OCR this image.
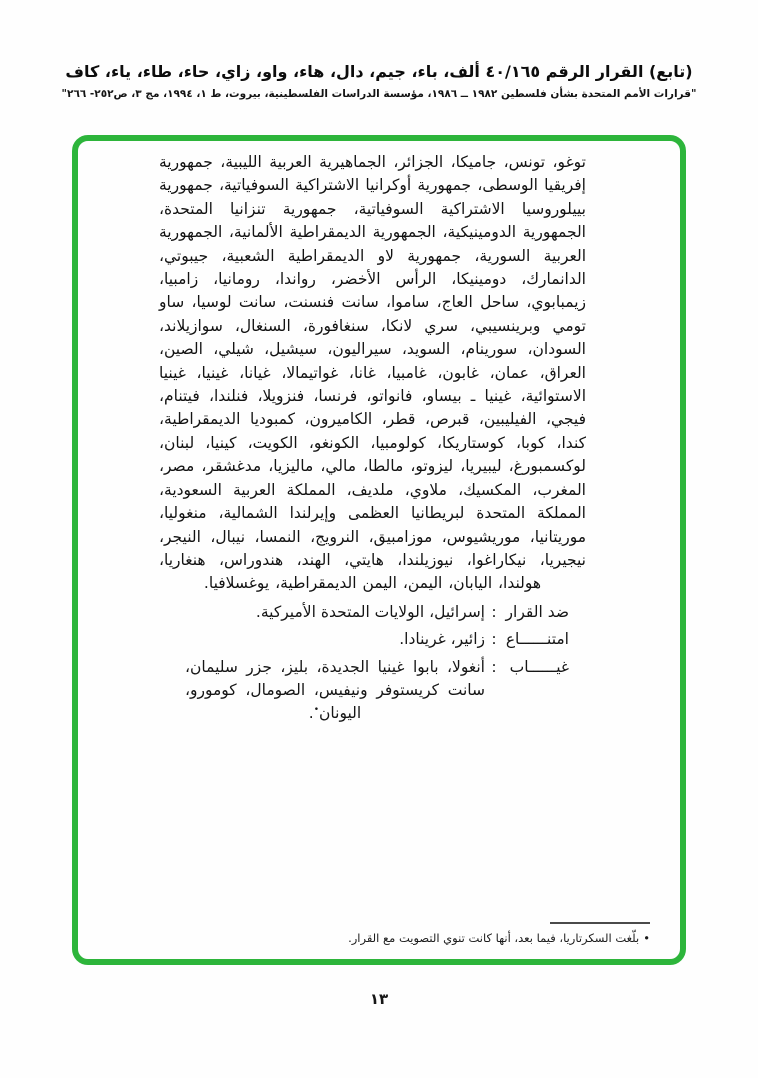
(تابع) القرار الرقم ٤٠/١٦٥ ألف، باء، جيم، دال، هاء، واو، زاي، حاء، طاء، ياء، كاف
"قرارات الأمم المتحدة بشأن فلسطين ١٩٨٢ ــ ١٩٨٦، مؤسسة الدراسات الفلسطينية، بيروت، ط ١، ١٩٩٤، مج ٣، ص٢٥٢- ٢٦٦"

توغو، تونس، جاميكا، الجزائر، الجماهيرية العربية الليبية، جمهورية إفريقيا الوسطى، جمهورية أوكرانيا الاشتراكية السوفياتية، جمهورية بييلوروسيا الاشتراكية السوفياتية، جمهورية تنزانيا المتحدة، الجمهورية الدومينيكية، الجمهورية الديمقراطية الألمانية، الجمهورية العربية السورية، جمهورية لاو الديمقراطية الشعبية، جيبوتي، الدانمارك، دومينيكا، الرأس الأخضر، رواندا، رومانيا، زامبيا، زيمبابوي، ساحل العاج، ساموا، سانت فنسنت، سانت لوسيا، ساو تومي وبرينسيبي، سري لانكا، سنغافورة، السنغال، سوازيلاند، السودان، سورينام، السويد، سيراليون، سيشيل، شيلي، الصين، العراق، عمان، غابون، غامبيا، غانا، غواتيمالا، غيانا، غينيا، غينيا الاستوائية، غينيا ـ بيساو، فانواتو، فرنسا، فنزويلا، فنلندا، فيتنام، فيجي، الفيليبين، قبرص، قطر، الكاميرون، كمبوديا الديمقراطية، كندا، كوبا، كوستاريكا، كولومبيا، الكونغو، الكويت، كينيا، لبنان، لوكسمبورغ، ليبيريا، ليزوتو، مالطا، مالي، ماليزيا، مدغشقر، مصر، المغرب، المكسيك، ملاوي، ملديف، المملكة العربية السعودية، المملكة المتحدة لبريطانيا العظمى وإيرلندا الشمالية، منغوليا، موريتانيا، موريشيوس، موزامبيق، النرويج، النمسا، نيبال، النيجر، نيجيريا، نيكاراغوا، نيوزيلندا، هايتي، الهند، هندوراس، هنغاريا، هولندا، اليابان، اليمن، اليمن الديمقراطية، يوغسلافيا.

ضد القرار
:
إسرائيل، الولايات المتحدة الأميركية.
امتنــــــاع
:
زائير، غرينادا.
غيــــــاب
:
أنغولا، بابوا غينيا الجديدة، بليز، جزر سليمان، سانت كريستوفر ونيفيس، الصومال، كومورو، اليونان•.
•بلّغت السكرتاريا، فيما بعد، أنها كانت تنوي التصويت مع القرار.
١٣
